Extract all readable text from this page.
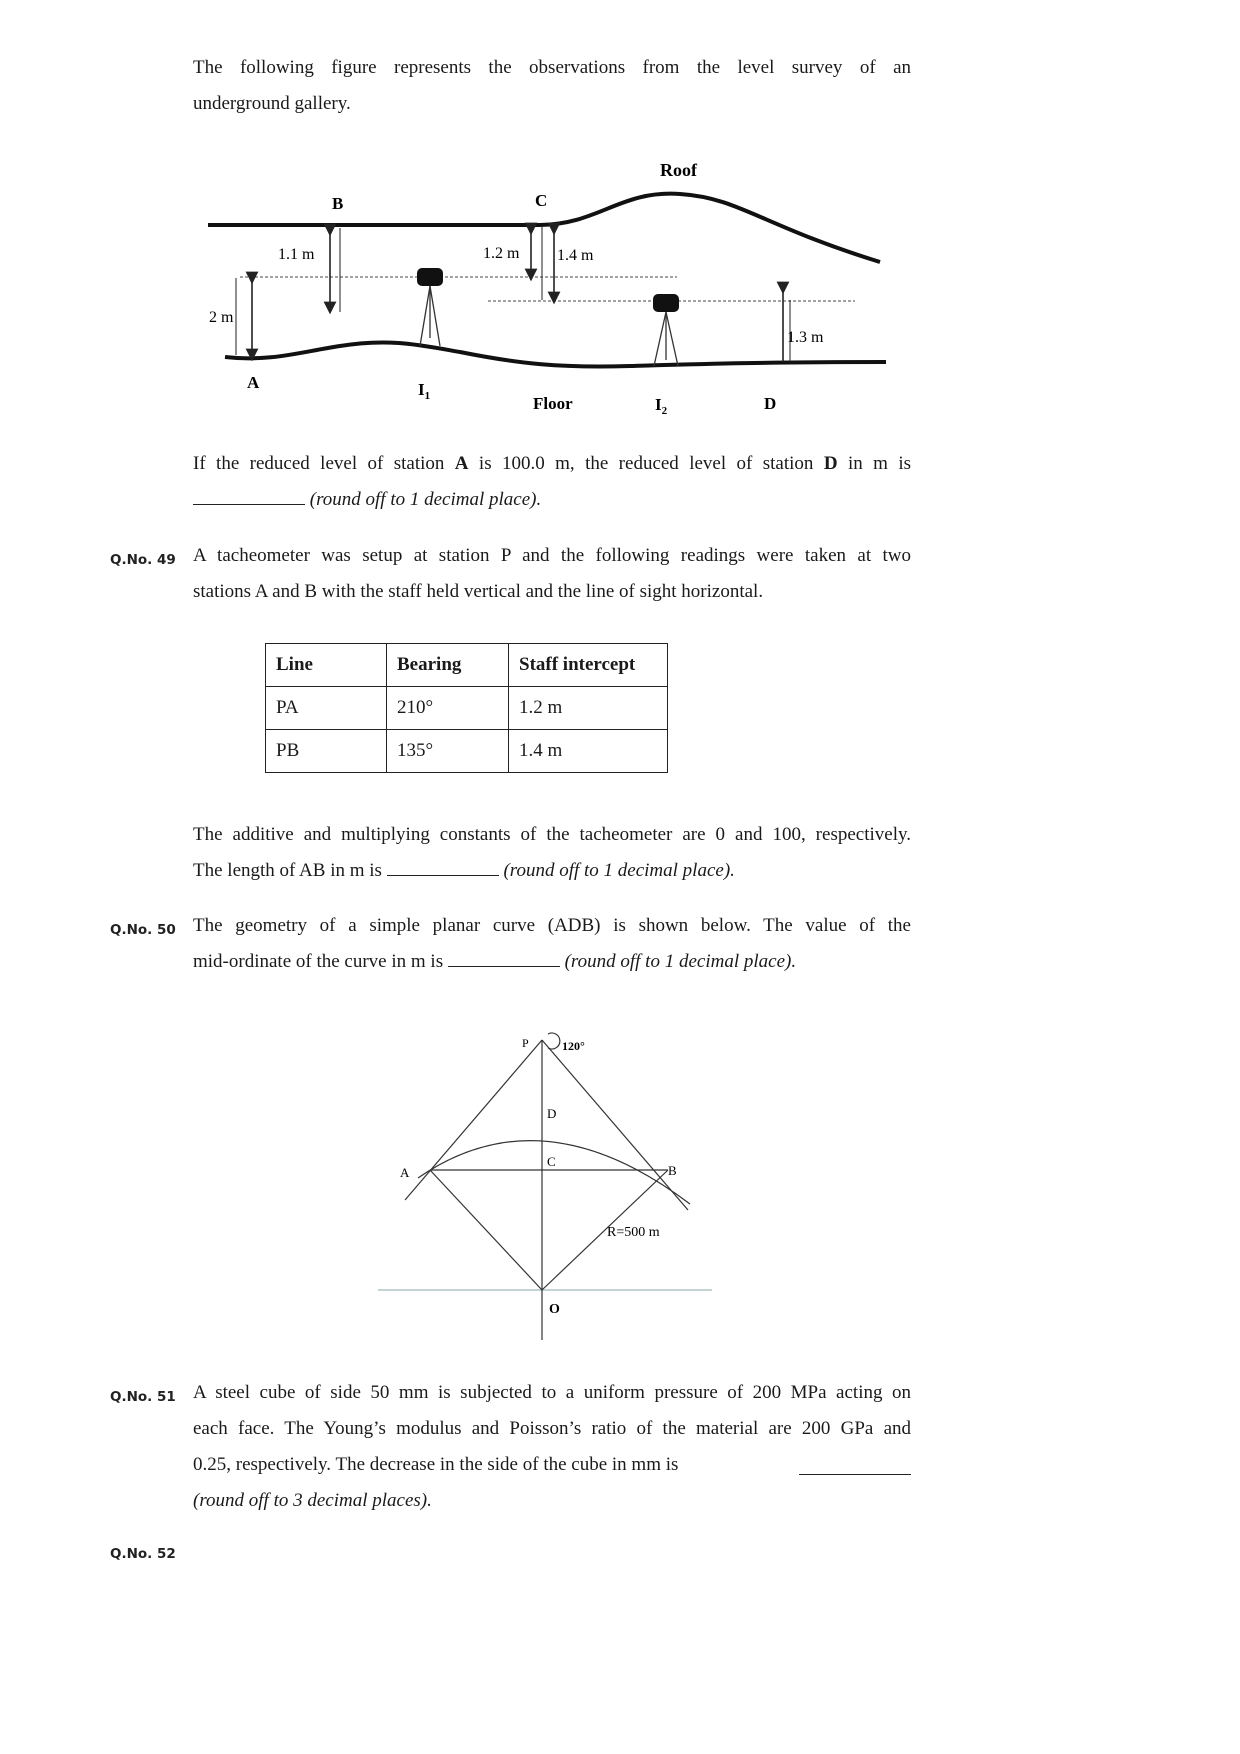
The following figure represents the observations from the level survey of an
underground gallery.
Roof
B	C
1.1 m	1.2 m 1.4 m
2 m
1.3 m
A	$I_1$	Floor	$I_2$	D
If the reduced level of station A is 100.0 m, the reduced level of station D in m is
(round off to 1 decimal place).
Q.No. 49 A tacheometer was setup at station P and the following readings were taken at two
stations A and B with the staff held vertical and the line of sight horizontal.
Line	Bearing	Staff intercept
PA	210°	1.2 m
PB	135°	1.4 m
The additive and multiplying constants of the tacheometer are 0 and 100, respectively.
The length of AB in m is	(round off to 1 decimal place).
Q.No. 50 The geometry of a simple planar curve (ADB) is shown below. The value of the
mid-ordinate of the curve in m is	(round off to 1 decimal place).
P	120°
D
C
A	B
R=500 m
O
Q.No. 51 A steel cube of side 50 mm is subjected to a uniform pressure of 200 MPa acting on
each face. The Young’s modulus and Poisson’s ratio of the material are 200 GPa and
0.25, respectively. The decrease in the side of the cube in mm is
(round off to 3 decimal places).
Q.No. 52
